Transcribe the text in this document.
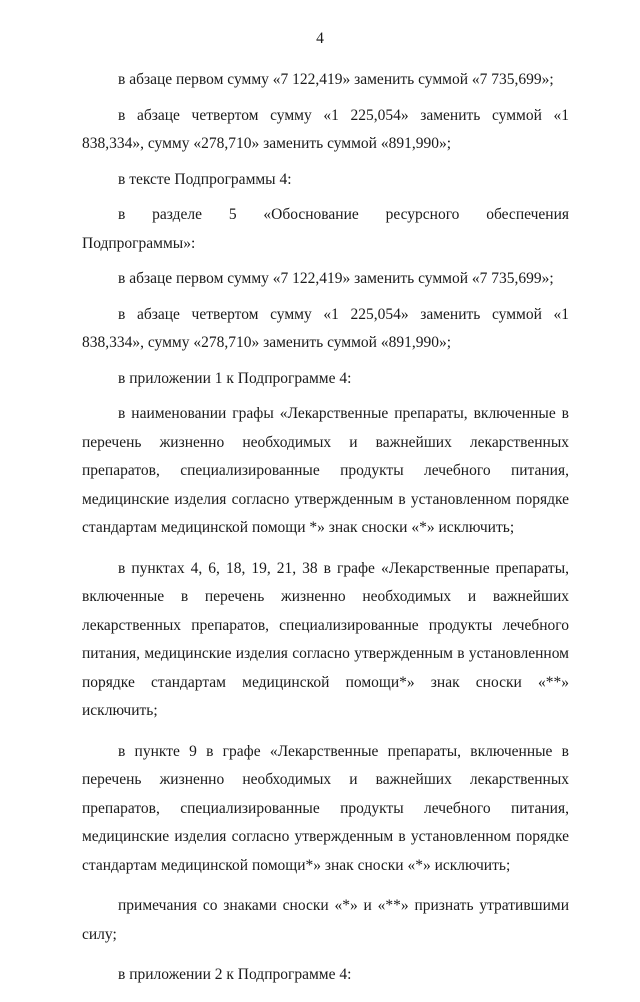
4

в абзаце первом сумму «7 122,419» заменить суммой «7 735,699»;

в абзаце четвертом сумму «1 225,054» заменить суммой «1 838,334», сумму «278,710» заменить суммой «891,990»;

в тексте Подпрограммы 4:

в разделе 5 «Обоснование ресурсного обеспечения Подпрограммы»:

в абзаце первом сумму «7 122,419» заменить суммой «7 735,699»;

в абзаце четвертом сумму «1 225,054» заменить суммой «1 838,334», сумму «278,710» заменить суммой «891,990»;

в приложении 1 к Подпрограмме 4:

в наименовании графы «Лекарственные препараты, включенные в перечень жизненно необходимых и важнейших лекарственных препаратов, специализированные продукты лечебного питания, медицинские изделия согласно утвержденным в установленном порядке стандартам медицинской помощи *» знак сноски «*» исключить;

в пунктах 4, 6, 18, 19, 21, 38 в графе «Лекарственные препараты, включенные в перечень жизненно необходимых и важнейших лекарственных препаратов, специализированные продукты лечебного питания, медицинские изделия согласно утвержденным в установленном порядке стандартам медицинской помощи*» знак сноски «**» исключить;

в пункте 9 в графе «Лекарственные препараты, включенные в перечень жизненно необходимых и важнейших лекарственных препаратов, специализированные продукты лечебного питания, медицинские изделия согласно утвержденным в установленном порядке стандартам медицинской помощи*» знак сноски «*» исключить;

примечания со знаками сноски «*» и «**» признать утратившими силу;

в приложении 2 к Подпрограмме 4:
